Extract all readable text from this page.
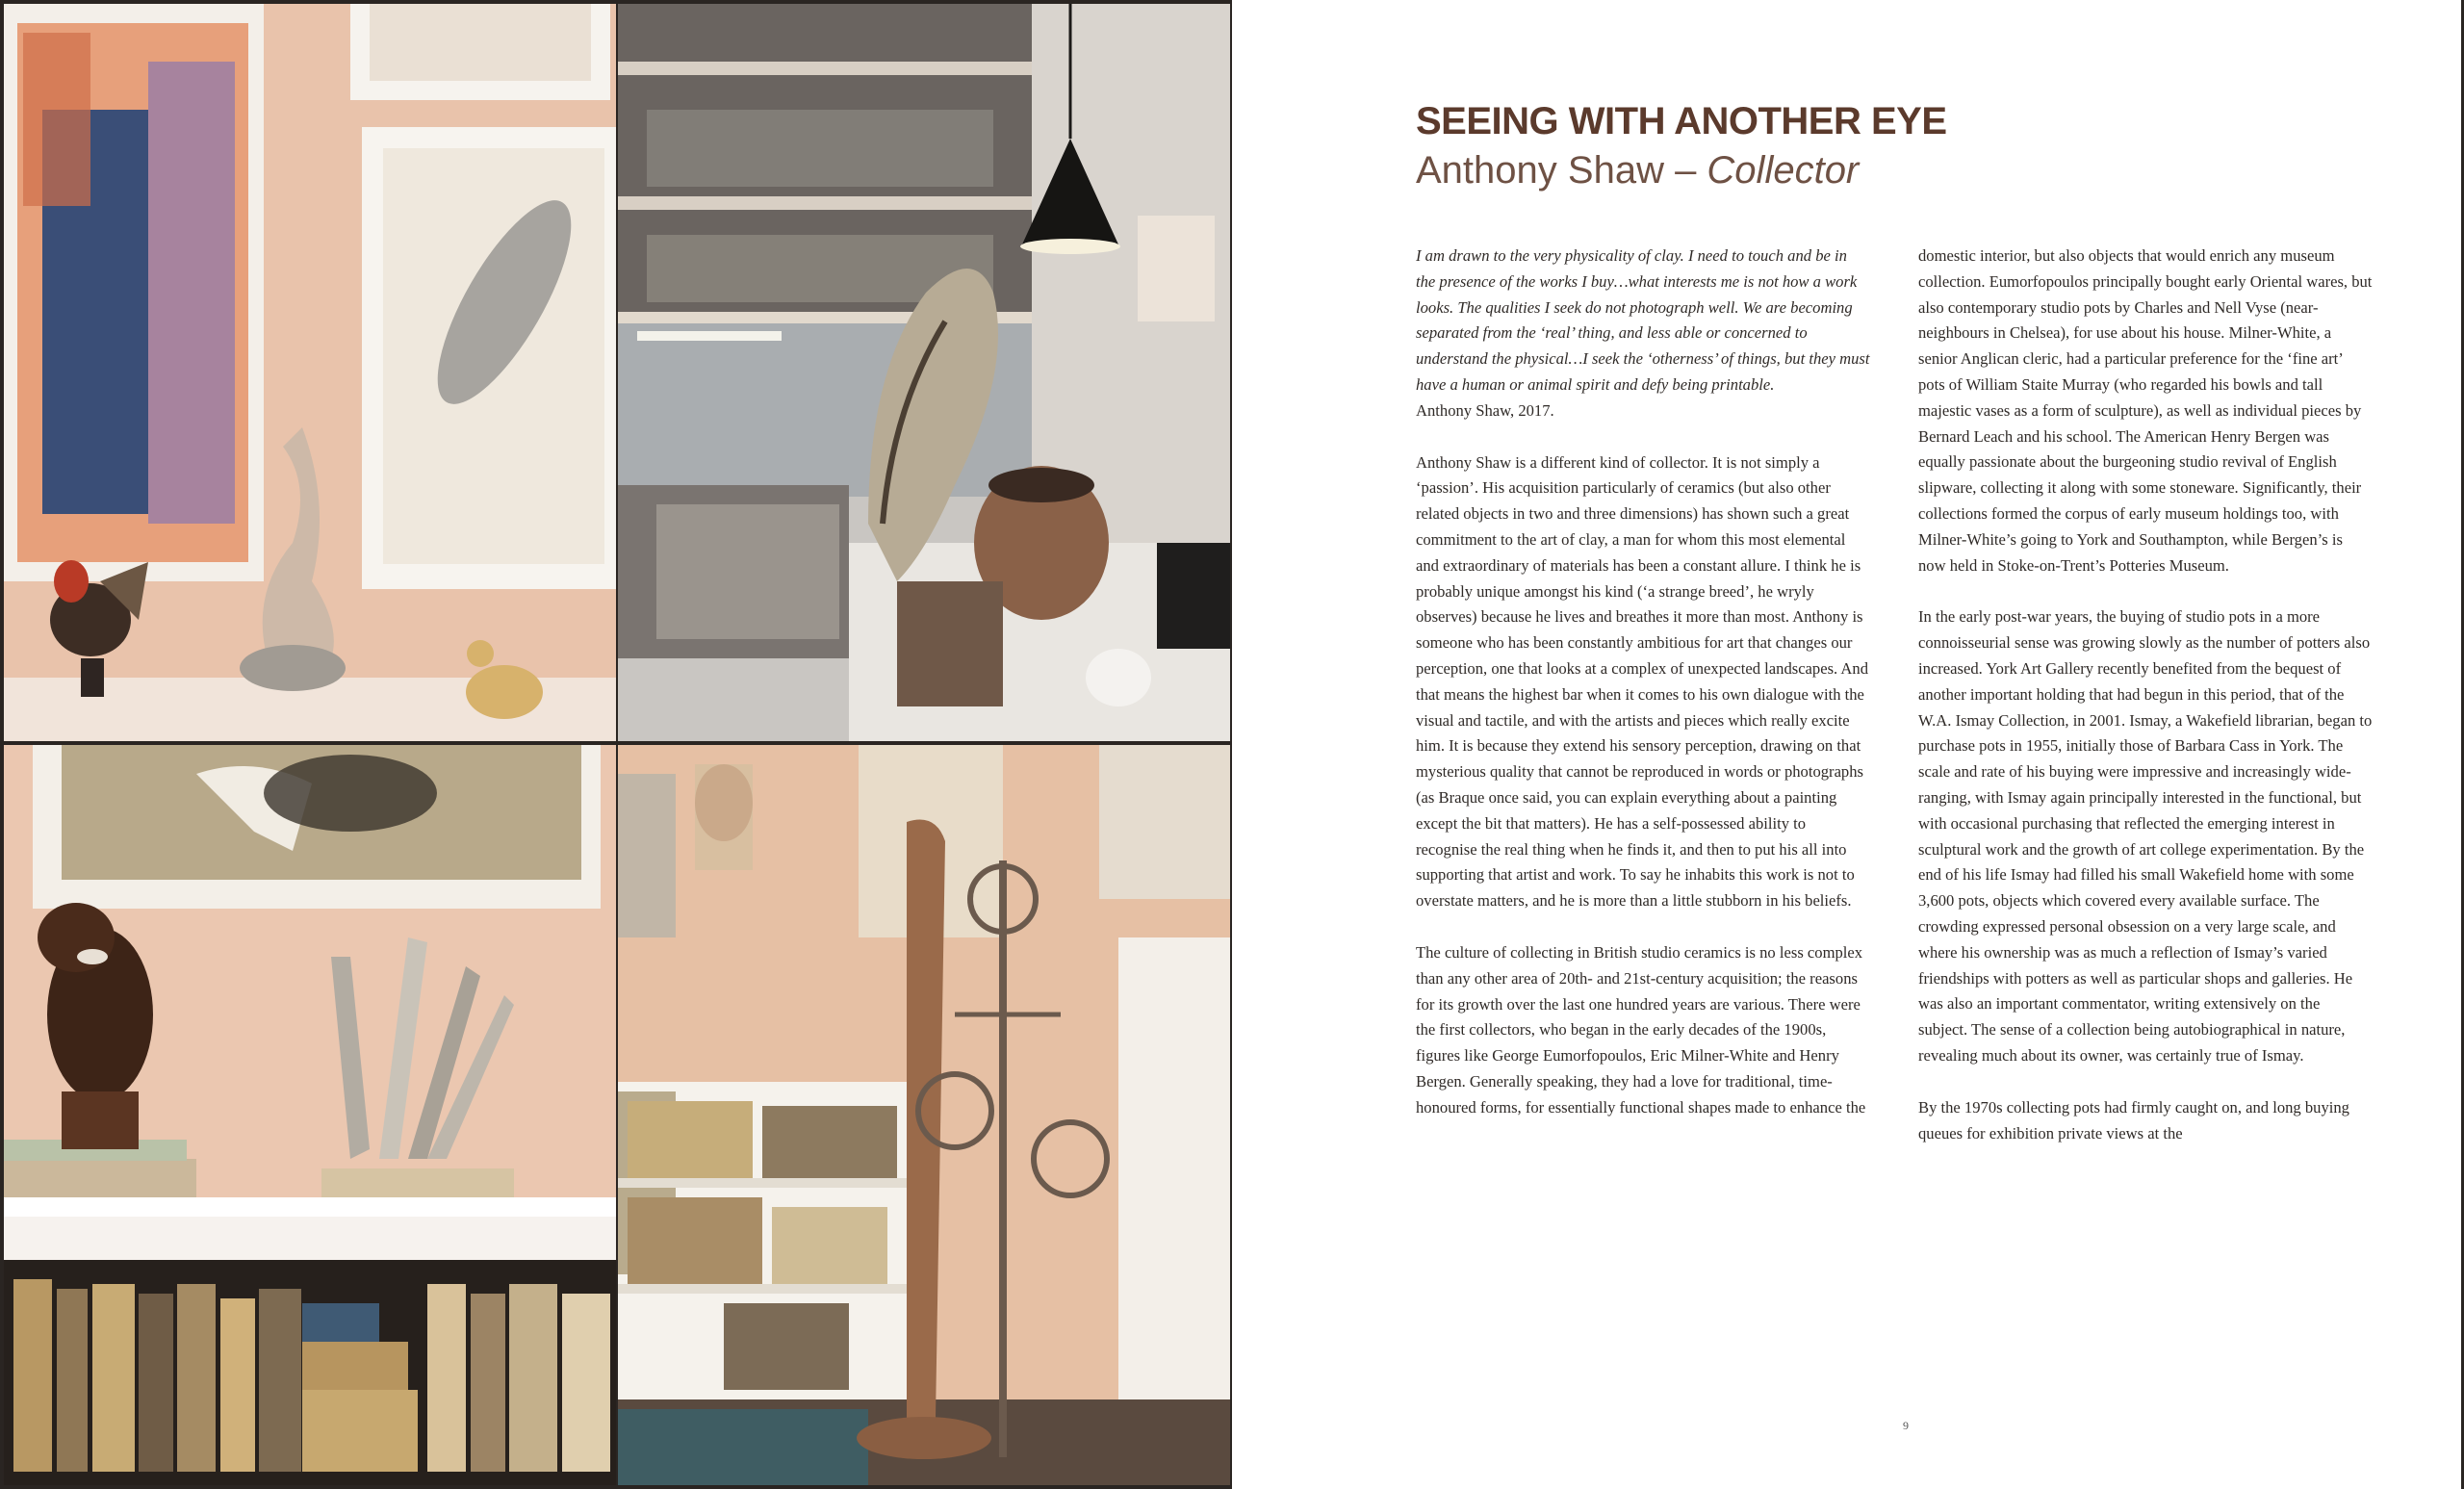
SEEING WITH ANOTHER EYE
Anthony Shaw – Collector

I am drawn to the very physicality of clay. I need to touch and be in the presence of the works I buy…what interests me is not how a work looks. The qualities I seek do not photograph well. We are becoming separated from the ‘real’ thing, and less able or concerned to understand the physical…I seek the ‘otherness’ of things, but they must have a human or animal spirit and defy being printable.

Anthony Shaw, 2017.

Anthony Shaw is a different kind of collector. It is not simply a ‘passion’. His acquisition particularly of ceramics (but also other related objects in two and three dimensions) has shown such a great commitment to the art of clay, a man for whom this most elemental and extraordinary of materials has been a constant allure. I think he is probably unique amongst his kind (‘a strange breed’, he wryly observes) because he lives and breathes it more than most. Anthony is someone who has been constantly ambitious for art that changes our perception, one that looks at a complex of unexpected landscapes. And that means the highest bar when it comes to his own dialogue with the visual and tactile, and with the artists and pieces which really excite him. It is because they extend his sensory perception, drawing on that mysterious quality that cannot be reproduced in words or photographs (as Braque once said, you can explain everything about a painting except the bit that matters). He has a self-possessed ability to recognise the real thing when he finds it, and then to put his all into supporting that artist and work. To say he inhabits this work is not to overstate matters, and he is more than a little stubborn in his beliefs.

The culture of collecting in British studio ceramics is no less complex than any other area of 20th- and 21st-century acquisition; the reasons for its growth over the last one hundred years are various. There were the first collectors, who began in the early decades of the 1900s, figures like George Eumorfopoulos, Eric Milner-White and Henry Bergen. Generally speaking, they had a love for traditional, time-honoured forms, for essentially functional shapes made to enhance the

domestic interior, but also objects that would enrich any museum collection. Eumorfopoulos principally bought early Oriental wares, but also contemporary studio pots by Charles and Nell Vyse (near-neighbours in Chelsea), for use about his house. Milner-White, a senior Anglican cleric, had a particular preference for the ‘fine art’ pots of William Staite Murray (who regarded his bowls and tall majestic vases as a form of sculpture), as well as individual pieces by Bernard Leach and his school. The American Henry Bergen was equally passionate about the burgeoning studio revival of English slipware, collecting it along with some stoneware. Significantly, their collections formed the corpus of early museum holdings too, with Milner-White’s going to York and Southampton, while Bergen’s is now held in Stoke-on-Trent’s Potteries Museum.

In the early post-war years, the buying of studio pots in a more connoisseurial sense was growing slowly as the number of potters also increased. York Art Gallery recently benefited from the bequest of another important holding that had begun in this period, that of the W.A. Ismay Collection, in 2001. Ismay, a Wakefield librarian, began to purchase pots in 1955, initially those of Barbara Cass in York. The scale and rate of his buying were impressive and increasingly wide-ranging, with Ismay again principally interested in the functional, but with occasional purchasing that reflected the emerging interest in sculptural work and the growth of art college experimentation. By the end of his life Ismay had filled his small Wakefield home with some 3,600 pots, objects which covered every available surface. The crowding expressed personal obsession on a very large scale, and where his ownership was as much a reflection of Ismay’s varied friendships with potters as well as particular shops and galleries. He was also an important commentator, writing extensively on the subject. The sense of a collection being autobiographical in nature, revealing much about its owner, was certainly true of Ismay.

By the 1970s collecting pots had firmly caught on, and long buying queues for exhibition private views at the

9
